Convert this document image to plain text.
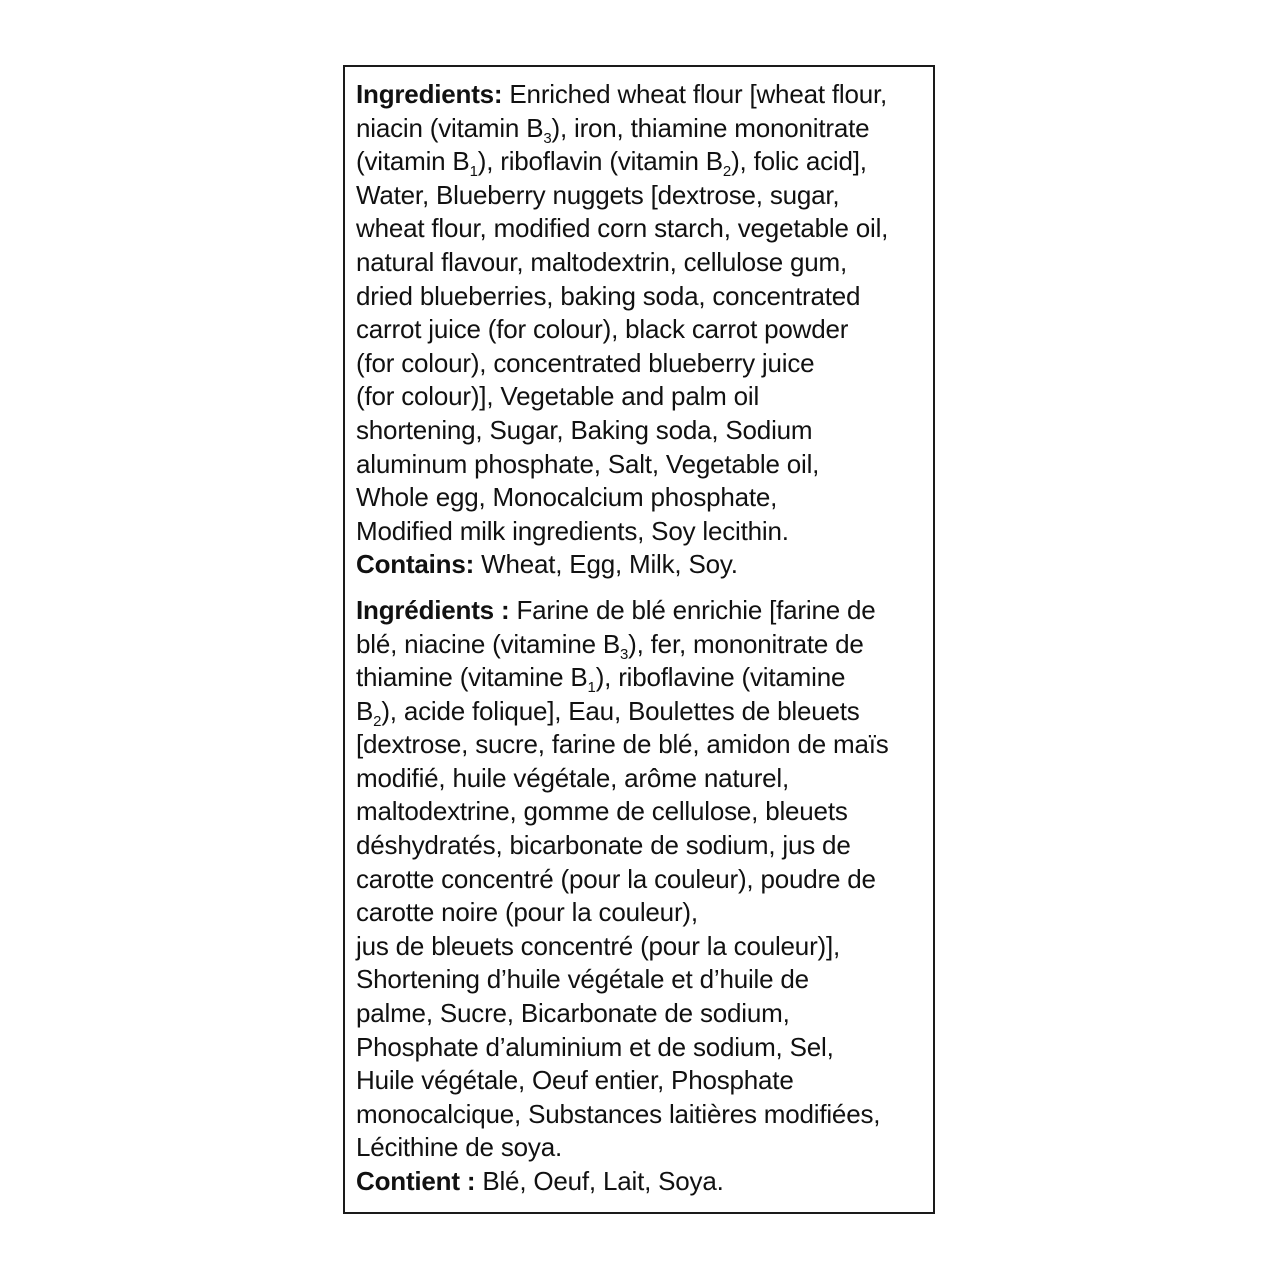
Ingredients: Enriched wheat flour [wheat flour,
niacin (vitamin $B_3$), iron, thiamine mononitrate
(vitamin $B_1$), riboflavin (vitamin $B_2$), folic acid],
Water, Blueberry nuggets [dextrose, sugar,
wheat flour, modified corn starch, vegetable oil,
natural flavour, maltodextrin, cellulose gum,
dried blueberries, baking soda, concentrated
carrot juice (for colour), black carrot powder
(for colour), concentrated blueberry juice
(for colour)], Vegetable and palm oil
shortening, Sugar, Baking soda, Sodium
aluminum phosphate, Salt, Vegetable oil,
Whole egg, Monocalcium phosphate,
Modified milk ingredients, Soy lecithin.
Contains: Wheat, Egg, Milk, Soy.
Ingrédients : Farine de blé enrichie [farine de
blé, niacine (vitamine $B_3$), fer, mononitrate de
thiamine (vitamine $B_1$), riboflavine (vitamine
$B_2$), acide folique], Eau, Boulettes de bleuets
[dextrose, sucre, farine de blé, amidon de maïs
modifié, huile végétale, arôme naturel,
maltodextrine, gomme de cellulose, bleuets
déshydratés, bicarbonate de sodium, jus de
carotte concentré (pour la couleur), poudre de
carotte noire (pour la couleur),
jus de bleuets concentré (pour la couleur)],
Shortening d’huile végétale et d’huile de
palme, Sucre, Bicarbonate de sodium,
Phosphate d’aluminium et de sodium, Sel,
Huile végétale, Oeuf entier, Phosphate
monocalcique, Substances laitières modifiées,
Lécithine de soya.
Contient : Blé, Oeuf, Lait, Soya.
